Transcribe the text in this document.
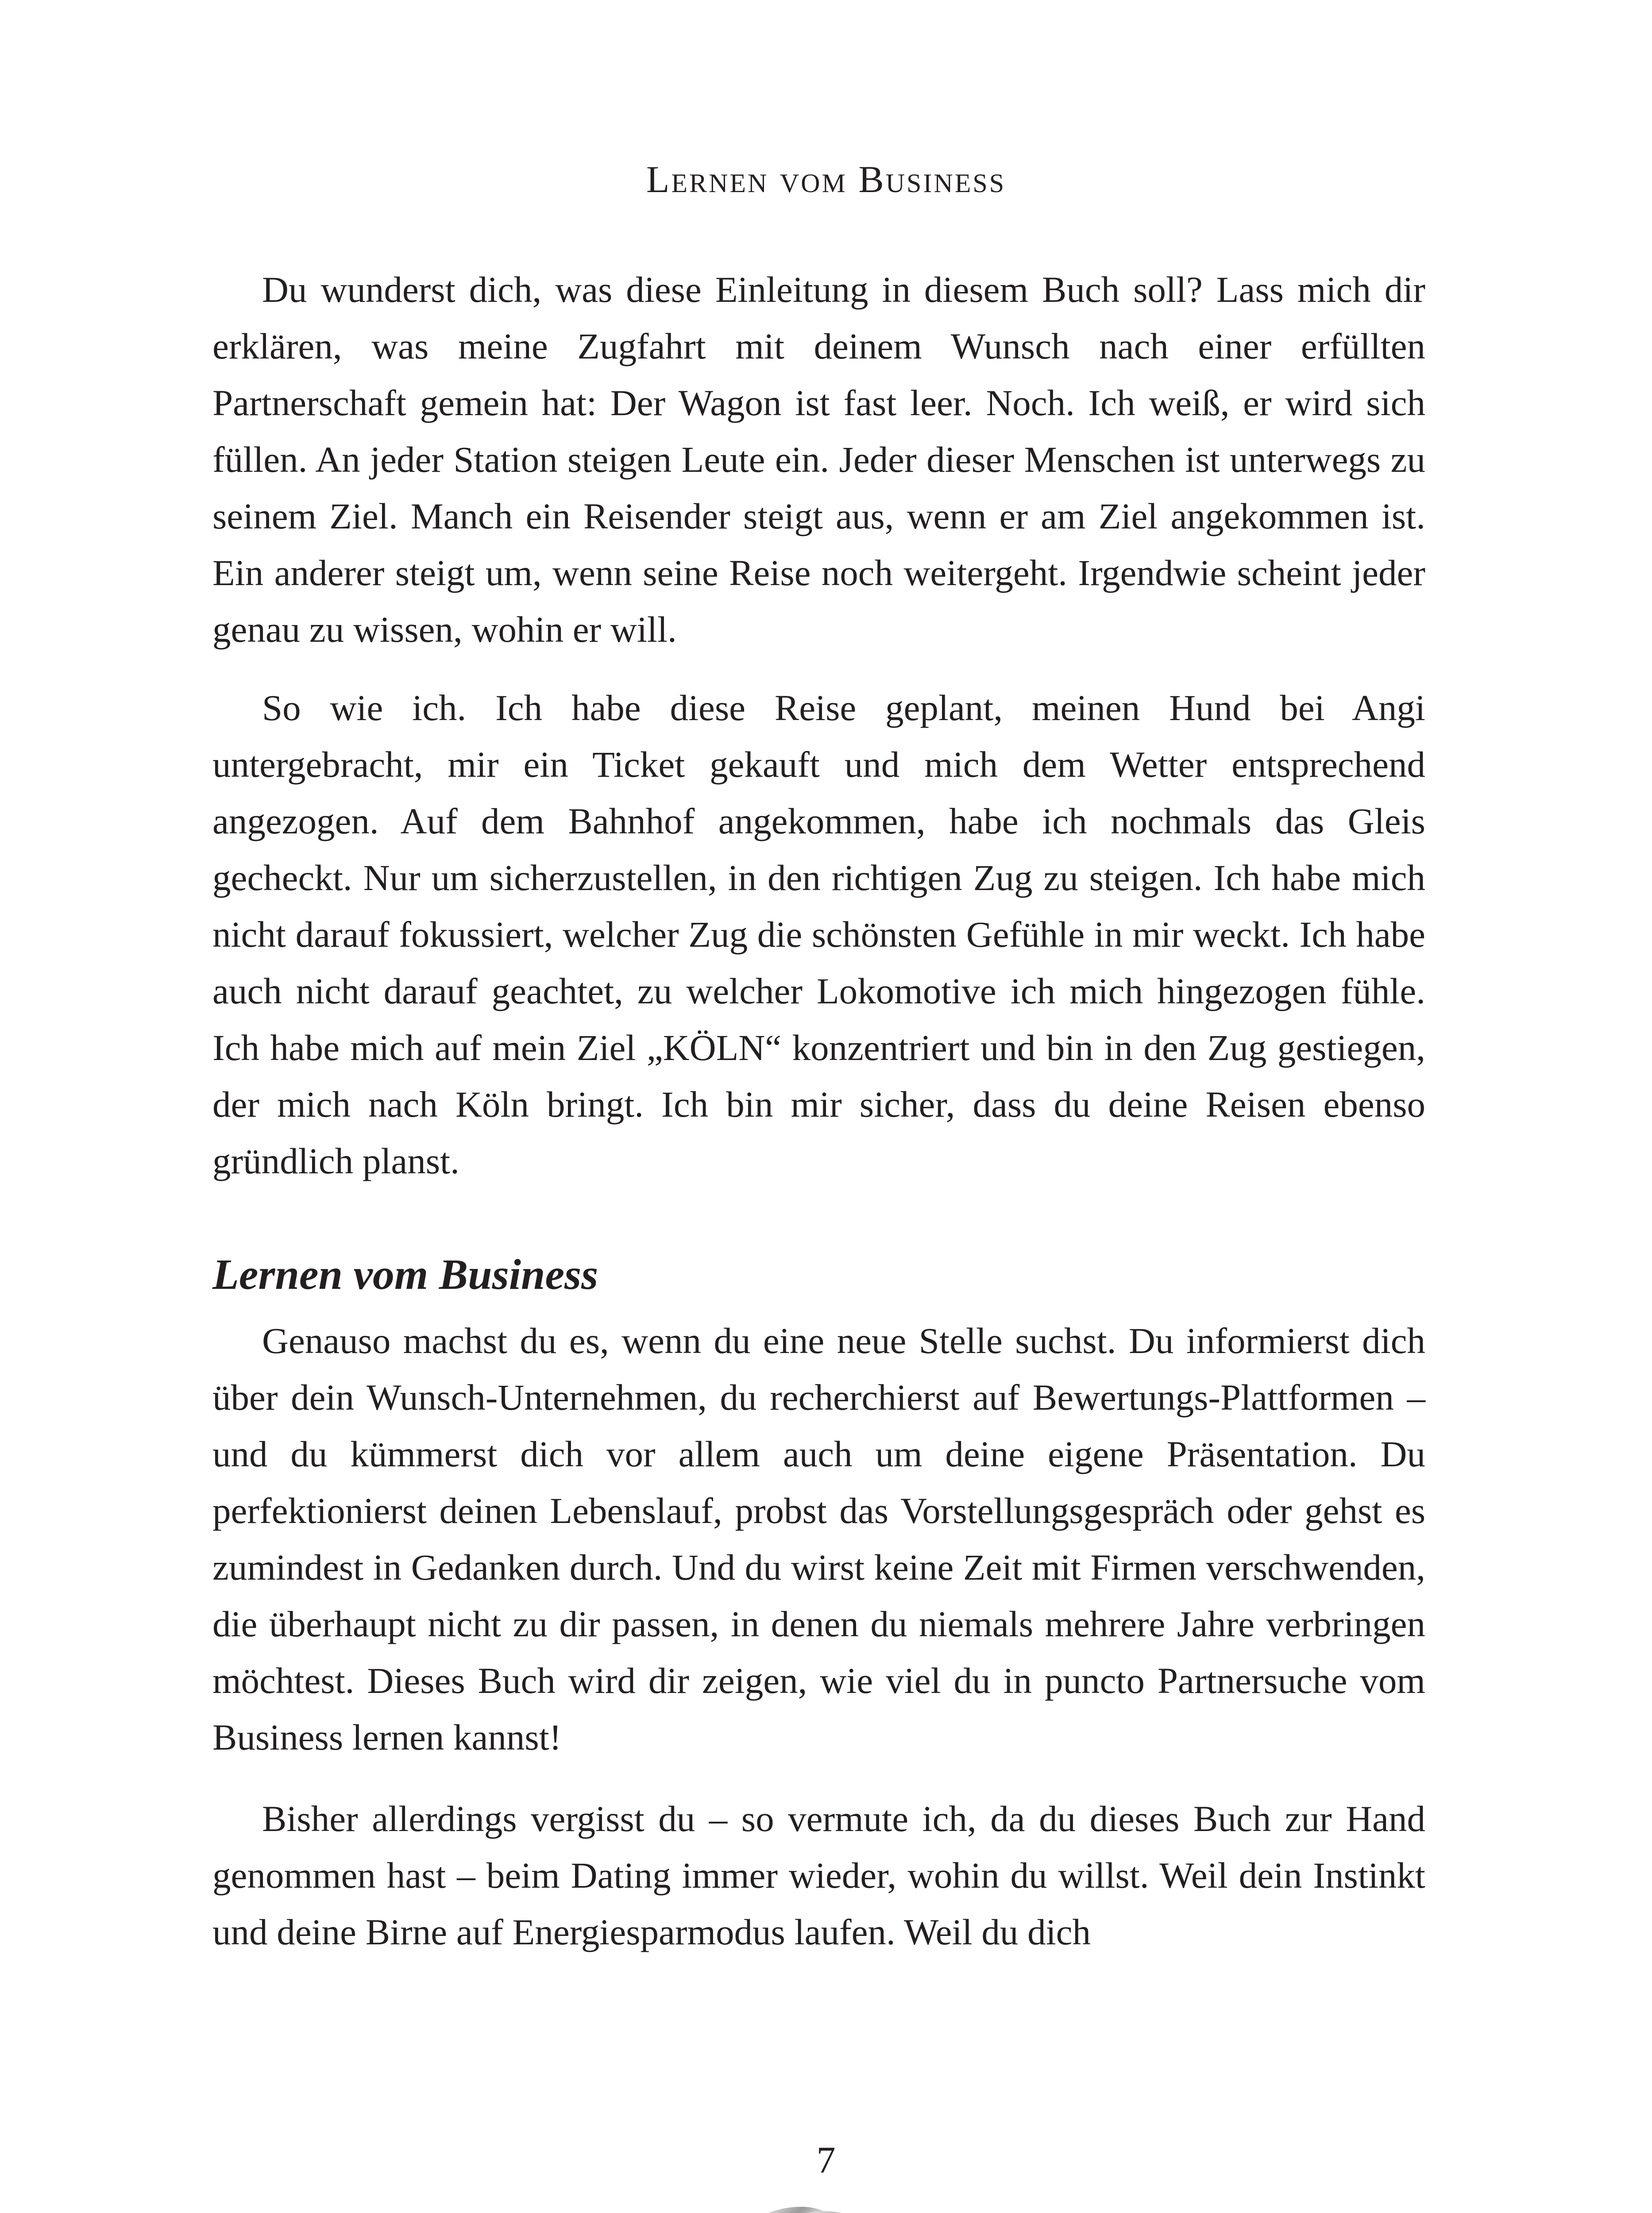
Lernen vom Business

Du wunderst dich, was diese Einleitung in diesem Buch soll? Lass mich dir erklären, was meine Zugfahrt mit deinem Wunsch nach einer erfüllten Partnerschaft gemein hat: Der Wagon ist fast leer. Noch. Ich weiß, er wird sich füllen. An jeder Station steigen Leute ein. Jeder dieser Menschen ist unterwegs zu seinem Ziel. Manch ein Reisender steigt aus, wenn er am Ziel angekommen ist. Ein anderer steigt um, wenn seine Reise noch weitergeht. Irgendwie scheint jeder genau zu wissen, wohin er will.

So wie ich. Ich habe diese Reise geplant, meinen Hund bei Angi untergebracht, mir ein Ticket gekauft und mich dem Wetter entsprechend angezogen. Auf dem Bahnhof angekommen, habe ich nochmals das Gleis gecheckt. Nur um sicherzustellen, in den richtigen Zug zu steigen. Ich habe mich nicht darauf fokussiert, welcher Zug die schönsten Gefühle in mir weckt. Ich habe auch nicht darauf geachtet, zu welcher Lokomotive ich mich hingezogen fühle. Ich habe mich auf mein Ziel „KÖLN“ konzentriert und bin in den Zug gestiegen, der mich nach Köln bringt. Ich bin mir sicher, dass du deine Reisen ebenso gründlich planst.

Lernen vom Business

Genauso machst du es, wenn du eine neue Stelle suchst. Du informierst dich über dein Wunsch-Unternehmen, du recherchierst auf Bewertungs-Plattformen – und du kümmerst dich vor allem auch um deine eigene Präsentation. Du perfektionierst deinen Lebenslauf, probst das Vorstellungsgespräch oder gehst es zumindest in Gedanken durch. Und du wirst keine Zeit mit Firmen verschwenden, die überhaupt nicht zu dir passen, in denen du niemals mehrere Jahre verbringen möchtest. Dieses Buch wird dir zeigen, wie viel du in puncto Partnersuche vom Business lernen kannst!

Bisher allerdings vergisst du – so vermute ich, da du dieses Buch zur Hand genommen hast – beim Dating immer wieder, wohin du willst. Weil dein Instinkt und deine Birne auf Energiesparmodus laufen. Weil du dich

7
